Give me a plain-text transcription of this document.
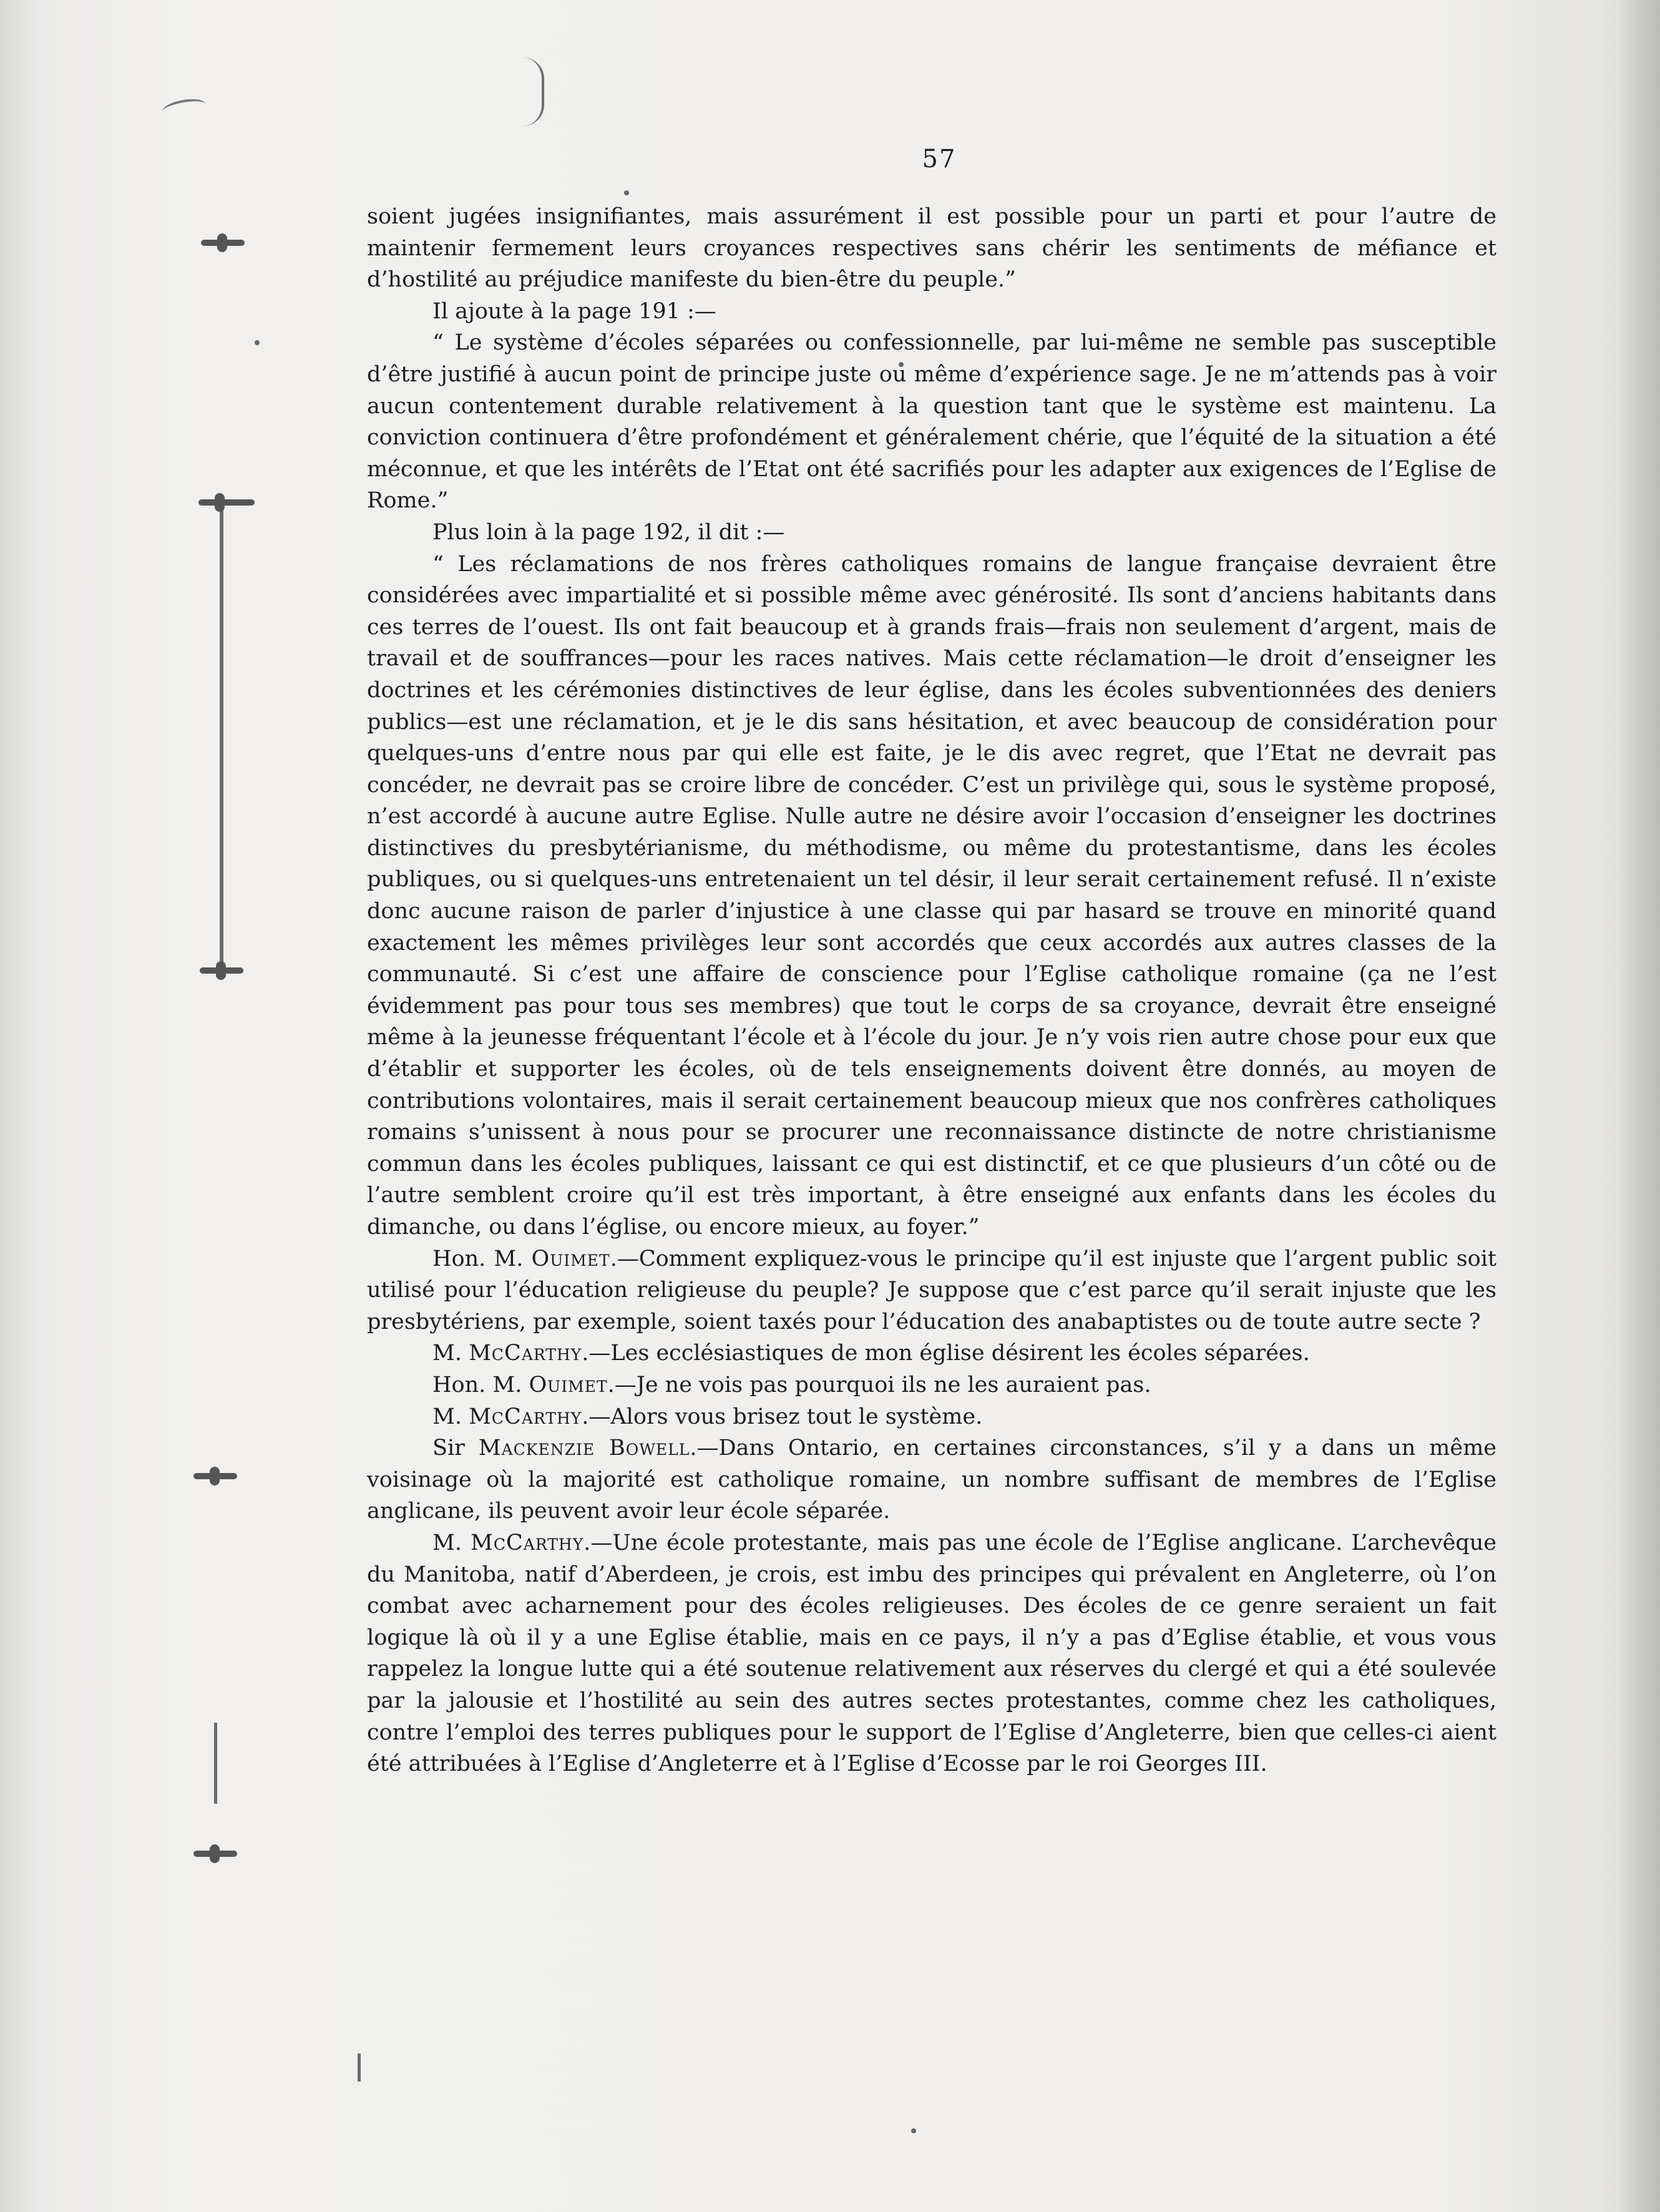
57

soient jugées insignifiantes, mais assurément il est possible pour un parti et pour l’autre de maintenir fermement leurs croyances respectives sans chérir les sentiments de méfiance et d’hostilité au préjudice manifeste du bien-être du peuple.”

Il ajoute à la page 191 :—

“ Le système d’écoles séparées ou confessionnelle, par lui-même ne semble pas susceptible d’être justifié à aucun point de principe juste ou même d’expérience sage. Je ne m’attends pas à voir aucun contentement durable relativement à la question tant que le système est maintenu. La conviction continuera d’être profondément et généralement chérie, que l’équité de la situation a été méconnue, et que les intérêts de l’Etat ont été sacrifiés pour les adapter aux exigences de l’Eglise de Rome.”

Plus loin à la page 192, il dit :—

“ Les réclamations de nos frères catholiques romains de langue française devraient être considérées avec impartialité et si possible même avec générosité. Ils sont d’anciens habitants dans ces terres de l’ouest. Ils ont fait beaucoup et à grands frais—frais non seulement d’argent, mais de travail et de souffrances—pour les races natives. Mais cette réclamation—le droit d’enseigner les doctrines et les cérémonies distinctives de leur église, dans les écoles subventionnées des deniers publics—est une réclamation, et je le dis sans hésitation, et avec beaucoup de considération pour quelques-uns d’entre nous par qui elle est faite, je le dis avec regret, que l’Etat ne devrait pas concéder, ne devrait pas se croire libre de concéder. C’est un privilège qui, sous le système proposé, n’est accordé à aucune autre Eglise. Nulle autre ne désire avoir l’occasion d’enseigner les doctrines distinctives du presbytérianisme, du méthodisme, ou même du protestantisme, dans les écoles publiques, ou si quelques-uns entretenaient un tel désir, il leur serait certainement refusé. Il n’existe donc aucune raison de parler d’injustice à une classe qui par hasard se trouve en minorité quand exactement les mêmes privilèges leur sont accordés que ceux accordés aux autres classes de la communauté. Si c’est une affaire de conscience pour l’Eglise catholique romaine (ça ne l’est évidemment pas pour tous ses membres) que tout le corps de sa croyance, devrait être enseigné même à la jeunesse fréquentant l’école et à l’école du jour. Je n’y vois rien autre chose pour eux que d’établir et supporter les écoles, où de tels enseignements doivent être donnés, au moyen de contributions volontaires, mais il serait certainement beaucoup mieux que nos confrères catholiques romains s’unissent à nous pour se procurer une reconnaissance distincte de notre christianisme commun dans les écoles publiques, laissant ce qui est distinctif, et ce que plusieurs d’un côté ou de l’autre semblent croire qu’il est très important, à être enseigné aux enfants dans les écoles du dimanche, ou dans l’église, ou encore mieux, au foyer.”

Hon. M. Ouimet.—Comment expliquez-vous le principe qu’il est injuste que l’argent public soit utilisé pour l’éducation religieuse du peuple? Je suppose que c’est parce qu’il serait injuste que les presbytériens, par exemple, soient taxés pour l’éducation des anabaptistes ou de toute autre secte ?

M. McCarthy.—Les ecclésiastiques de mon église désirent les écoles séparées.

Hon. M. Ouimet.—Je ne vois pas pourquoi ils ne les auraient pas.

M. McCarthy.—Alors vous brisez tout le système.

Sir Mackenzie Bowell.—Dans Ontario, en certaines circonstances, s’il y a dans un même voisinage où la majorité est catholique romaine, un nombre suffisant de membres de l’Eglise anglicane, ils peuvent avoir leur école séparée.

M. McCarthy.—Une école protestante, mais pas une école de l’Eglise anglicane. L’archevêque du Manitoba, natif d’Aberdeen, je crois, est imbu des principes qui prévalent en Angleterre, où l’on combat avec acharnement pour des écoles religieuses. Des écoles de ce genre seraient un fait logique là où il y a une Eglise établie, mais en ce pays, il n’y a pas d’Eglise établie, et vous vous rappelez la longue lutte qui a été soutenue relativement aux réserves du clergé et qui a été soulevée par la jalousie et l’hostilité au sein des autres sectes protestantes, comme chez les catholiques, contre l’emploi des terres publiques pour le support de l’Eglise d’Angleterre, bien que celles-ci aient été attribuées à l’Eglise d’Angleterre et à l’Eglise d’Ecosse par le roi Georges III.
